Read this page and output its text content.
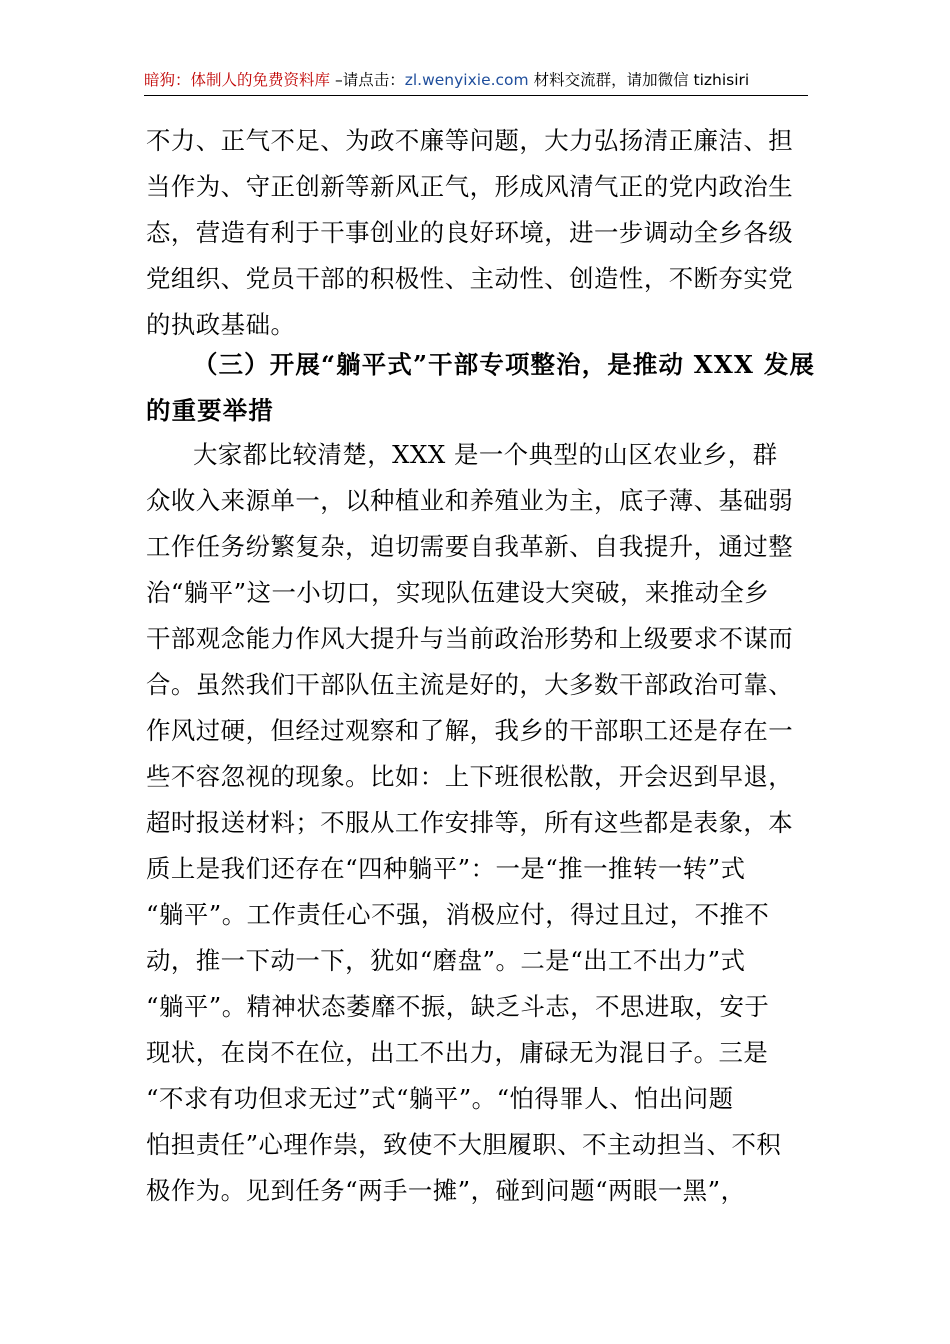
暗狗：体制人的免费资料库 –请点击：zl.wenyixie.com 材料交流群，请加微信 tizhisiri
不力、正气不足、为政不廉等问题，大力弘扬清正廉洁、担
当作为、守正创新等新风正气，形成风清气正的党内政治生
态，营造有利于干事创业的良好环境，进一步调动全乡各级
党组织、党员干部的积极性、主动性、创造性，不断夯实党
的执政基础。
（三）开展“躺平式”干部专项整治，是推动 XXX 发展
的重要举措
大家都比较清楚，XXX 是一个典型的山区农业乡，群
众收入来源单一，以种植业和养殖业为主，底子薄、基础弱
工作任务纷繁复杂，迫切需要自我革新、自我提升，通过整
治“躺平”这一小切口，实现队伍建设大突破，来推动全乡
干部观念能力作风大提升与当前政治形势和上级要求不谋而
合。虽然我们干部队伍主流是好的，大多数干部政治可靠、
作风过硬，但经过观察和了解，我乡的干部职工还是存在一
些不容忽视的现象。比如：上下班很松散，开会迟到早退，
超时报送材料；不服从工作安排等，所有这些都是表象，本
质上是我们还存在“四种躺平”：一是“推一推转一转”式
“躺平”。工作责任心不强，消极应付，得过且过，不推不
动，推一下动一下，犹如“磨盘”。二是“出工不出力”式
“躺平”。精神状态萎靡不振，缺乏斗志，不思进取，安于
现状，在岗不在位，出工不出力，庸碌无为混日子。三是
“不求有功但求无过”式“躺平”。“怕得罪人、怕出问题
怕担责任”心理作祟，致使不大胆履职、不主动担当、不积
极作为。见到任务“两手一摊”，碰到问题“两眼一黑”，
